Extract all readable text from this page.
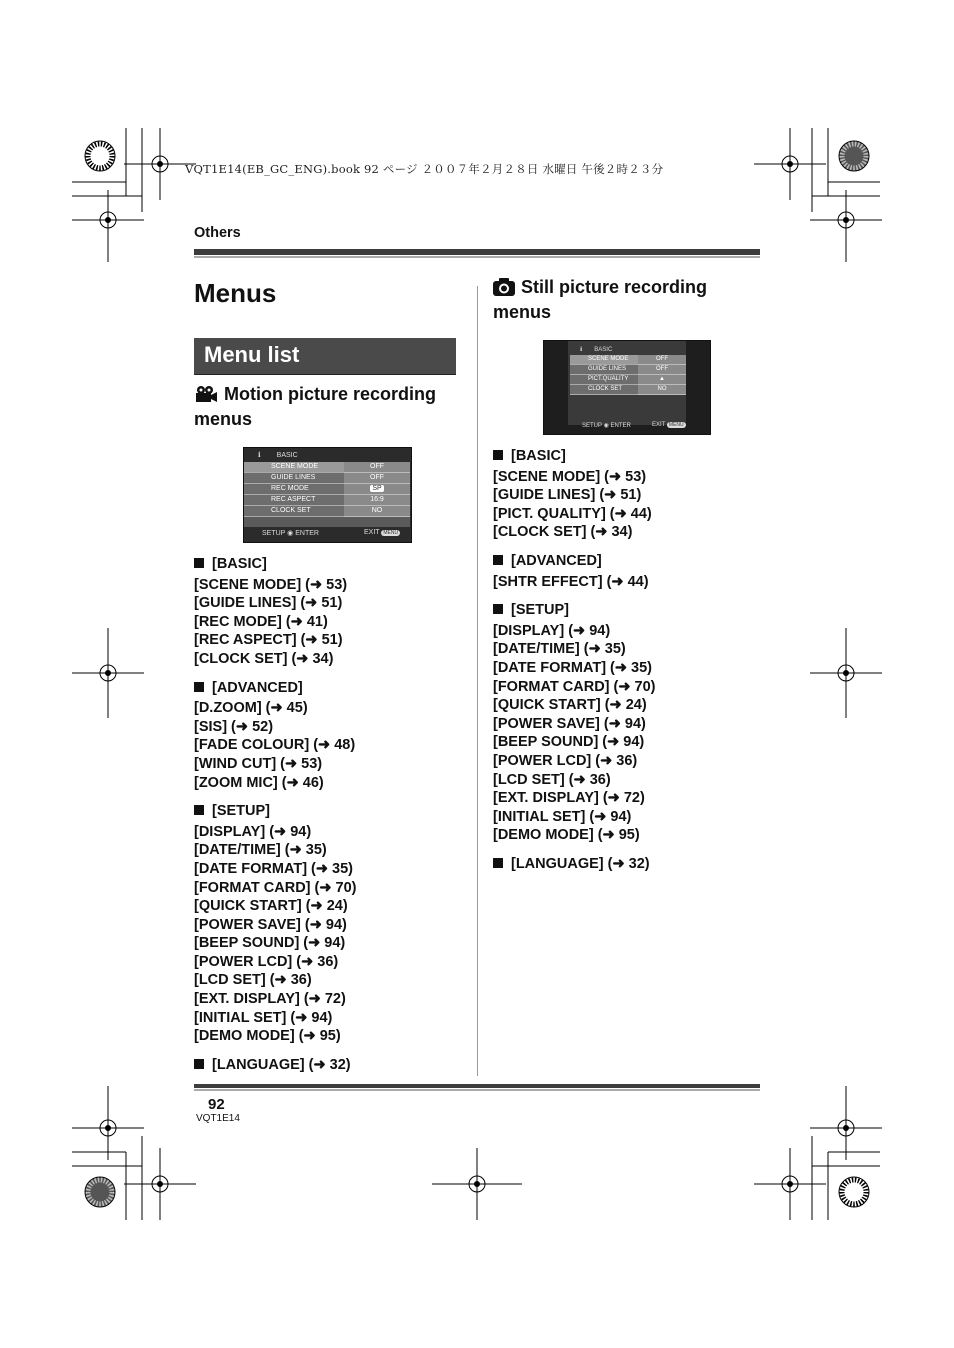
VQT1E14(EB_GC_ENG).book 92 ページ ２００７年２月２８日 水曜日 午後２時２３分
Others
Menus
Menu list
Motion picture recording
menus
ℹ BASIC
SCENE MODE	OFF
GUIDE LINES	OFF
REC MODE	SP
REC ASPECT	16:9
CLOCK SET	NO
SETUP ◉ ENTER	EXIT MENU
[BASIC]
[SCENE MODE] (➜ 53)
[GUIDE LINES] (➜ 51)
[REC MODE] (➜ 41)
[REC ASPECT] (➜ 51)
[CLOCK SET] (➜ 34)
[ADVANCED]
[D.ZOOM] (➜ 45)
[SIS] (➜ 52)
[FADE COLOUR] (➜ 48)
[WIND CUT] (➜ 53)
[ZOOM MIC] (➜ 46)
[SETUP]
[DISPLAY] (➜ 94)
[DATE/TIME] (➜ 35)
[DATE FORMAT] (➜ 35)
[FORMAT CARD] (➜ 70)
[QUICK START] (➜ 24)
[POWER SAVE] (➜ 94)
[BEEP SOUND] (➜ 94)
[POWER LCD] (➜ 36)
[LCD SET] (➜ 36)
[EXT. DISPLAY] (➜ 72)
[INITIAL SET] (➜ 94)
[DEMO MODE] (➜ 95)
[LANGUAGE] (➜ 32)
Still picture recording
menus
ℹ BASIC
SCENE MODE	OFF
GUIDE LINES	OFF
PICT.QUALITY	▲
CLOCK SET	NO
SETUP ◉ ENTER	EXIT MENU
[BASIC]
[SCENE MODE] (➜ 53)
[GUIDE LINES] (➜ 51)
[PICT. QUALITY] (➜ 44)
[CLOCK SET] (➜ 34)
[ADVANCED]
[SHTR EFFECT] (➜ 44)
[SETUP]
[DISPLAY] (➜ 94)
[DATE/TIME] (➜ 35)
[DATE FORMAT] (➜ 35)
[FORMAT CARD] (➜ 70)
[QUICK START] (➜ 24)
[POWER SAVE] (➜ 94)
[BEEP SOUND] (➜ 94)
[POWER LCD] (➜ 36)
[LCD SET] (➜ 36)
[EXT. DISPLAY] (➜ 72)
[INITIAL SET] (➜ 94)
[DEMO MODE] (➜ 95)
[LANGUAGE] (➜ 32)
92
VQT1E14
